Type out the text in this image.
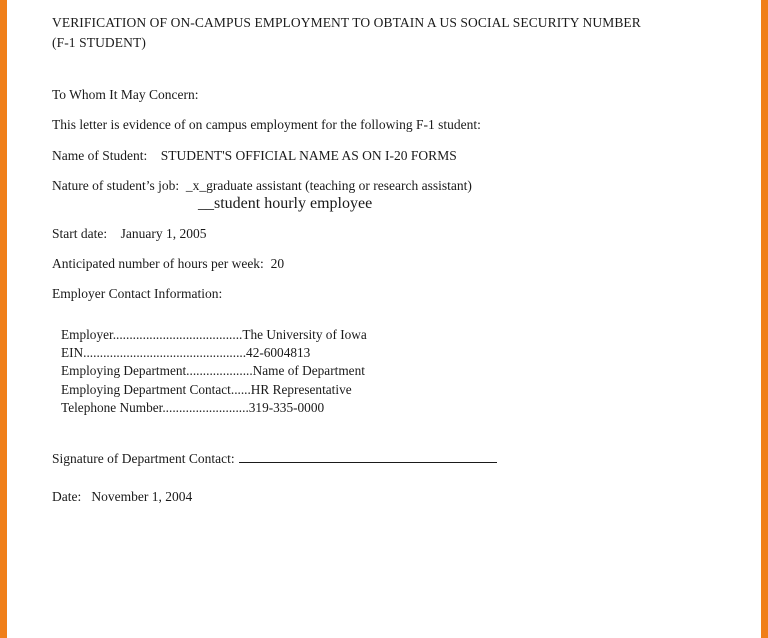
VERIFICATION OF ON-CAMPUS EMPLOYMENT TO OBTAIN A US SOCIAL SECURITY NUMBER
(F-1 STUDENT)

To Whom It May Concern:

This letter is evidence of on campus employment for the following F-1 student:

Name of Student: STUDENT'S OFFICIAL NAME AS ON I-20 FORMS

Nature of student’s job: _x_graduate assistant (teaching or research assistant)

__student hourly employee

Start date: January 1, 2005

Anticipated number of hours per week: 20

Employer Contact Information:

Employer.......................................The University of Iowa

EIN.................................................42-6004813

Employing Department....................Name of Department

Employing Department Contact......HR Representative

Telephone Number..........................319-335-0000

Signature of Department Contact:

Date: November 1, 2004
